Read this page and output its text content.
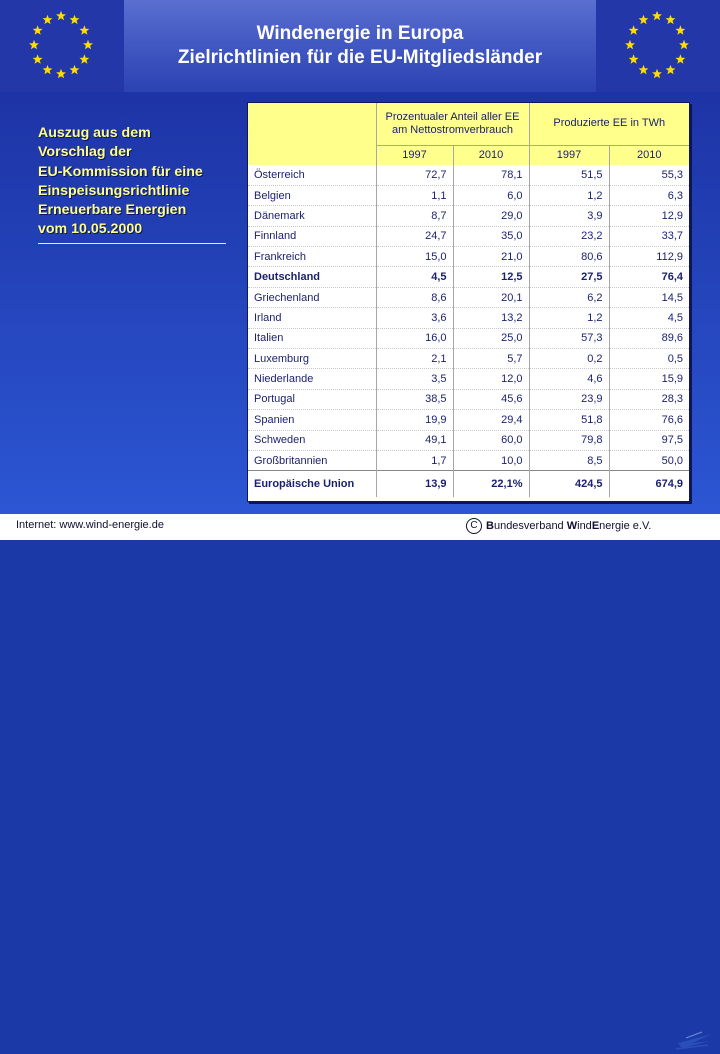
Windenergie in Europa
Zielrichtlinien für die EU-Mitgliedsländer
Auszug aus dem
Vorschlag der
EU-Kommission für eine
Einspeisungsrichtlinie
Erneuerbare Energien
vom 10.05.2000
	Prozentualer Anteil aller EE am Nettostromverbrauch		Produzierte EE in TWh	
	1997	2010	1997	2010
Österreich	72,7	78,1	51,5	55,3
Belgien	1,1	6,0	1,2	6,3
Dänemark	8,7	29,0	3,9	12,9
Finnland	24,7	35,0	23,2	33,7
Frankreich	15,0	21,0	80,6	112,9
Deutschland	4,5	12,5	27,5	76,4
Griechenland	8,6	20,1	6,2	14,5
Irland	3,6	13,2	1,2	4,5
Italien	16,0	25,0	57,3	89,6
Luxemburg	2,1	5,7	0,2	0,5
Niederlande	3,5	12,0	4,6	15,9
Portugal	38,5	45,6	23,9	28,3
Spanien	19,9	29,4	51,8	76,6
Schweden	49,1	60,0	79,8	97,5
Großbritannien	1,7	10,0	8,5	50,0
Europäische Union	13,9	22,1%	424,5	674,9
Internet: www.wind-energie.de	C Bundesverband WindEnergie e.V.
